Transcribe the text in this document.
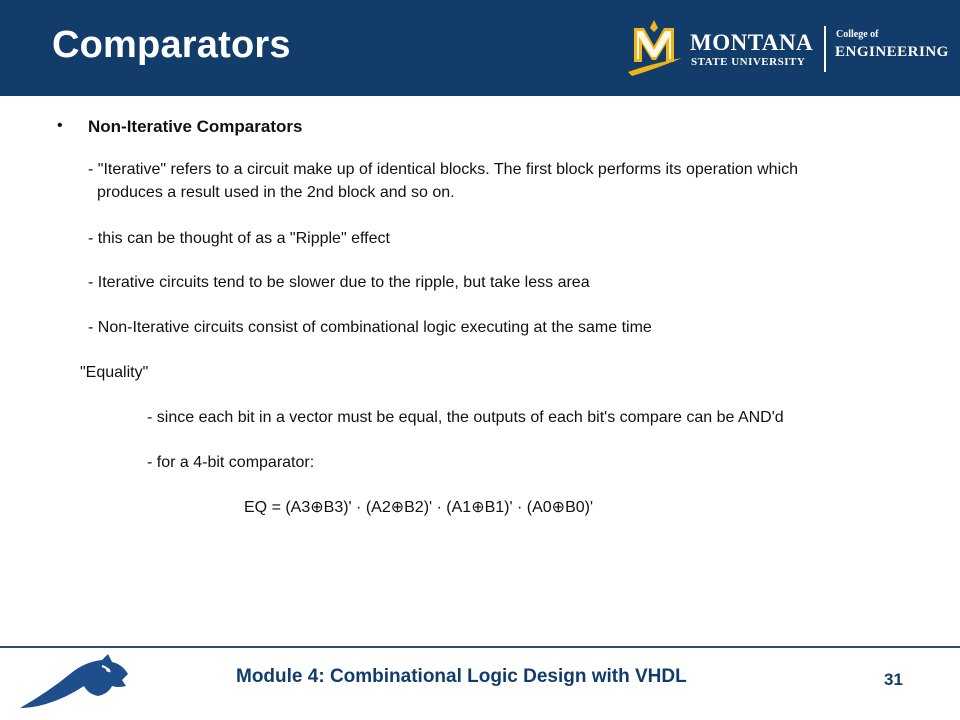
Comparators	MONTANA
STATE UNIVERSITY
College of
ENGINEERING
• Non-Iterative Comparators
- "Iterative" refers to a circuit make up of identical blocks. The first block performs its operation which
produces a result used in the 2nd block and so on.
- this can be thought of as a "Ripple" effect
- Iterative circuits tend to be slower due to the ripple, but take less area
- Non-Iterative circuits consist of combinational logic executing at the same time
"Equality"
- since each bit in a vector must be equal, the outputs of each bit's compare can be AND'd
- for a 4-bit comparator:
EQ = (A3⊕B3)' · (A2⊕B2)' · (A1⊕B1)' · (A0⊕B0)'
Module 4: Combinational Logic Design with VHDL	31
